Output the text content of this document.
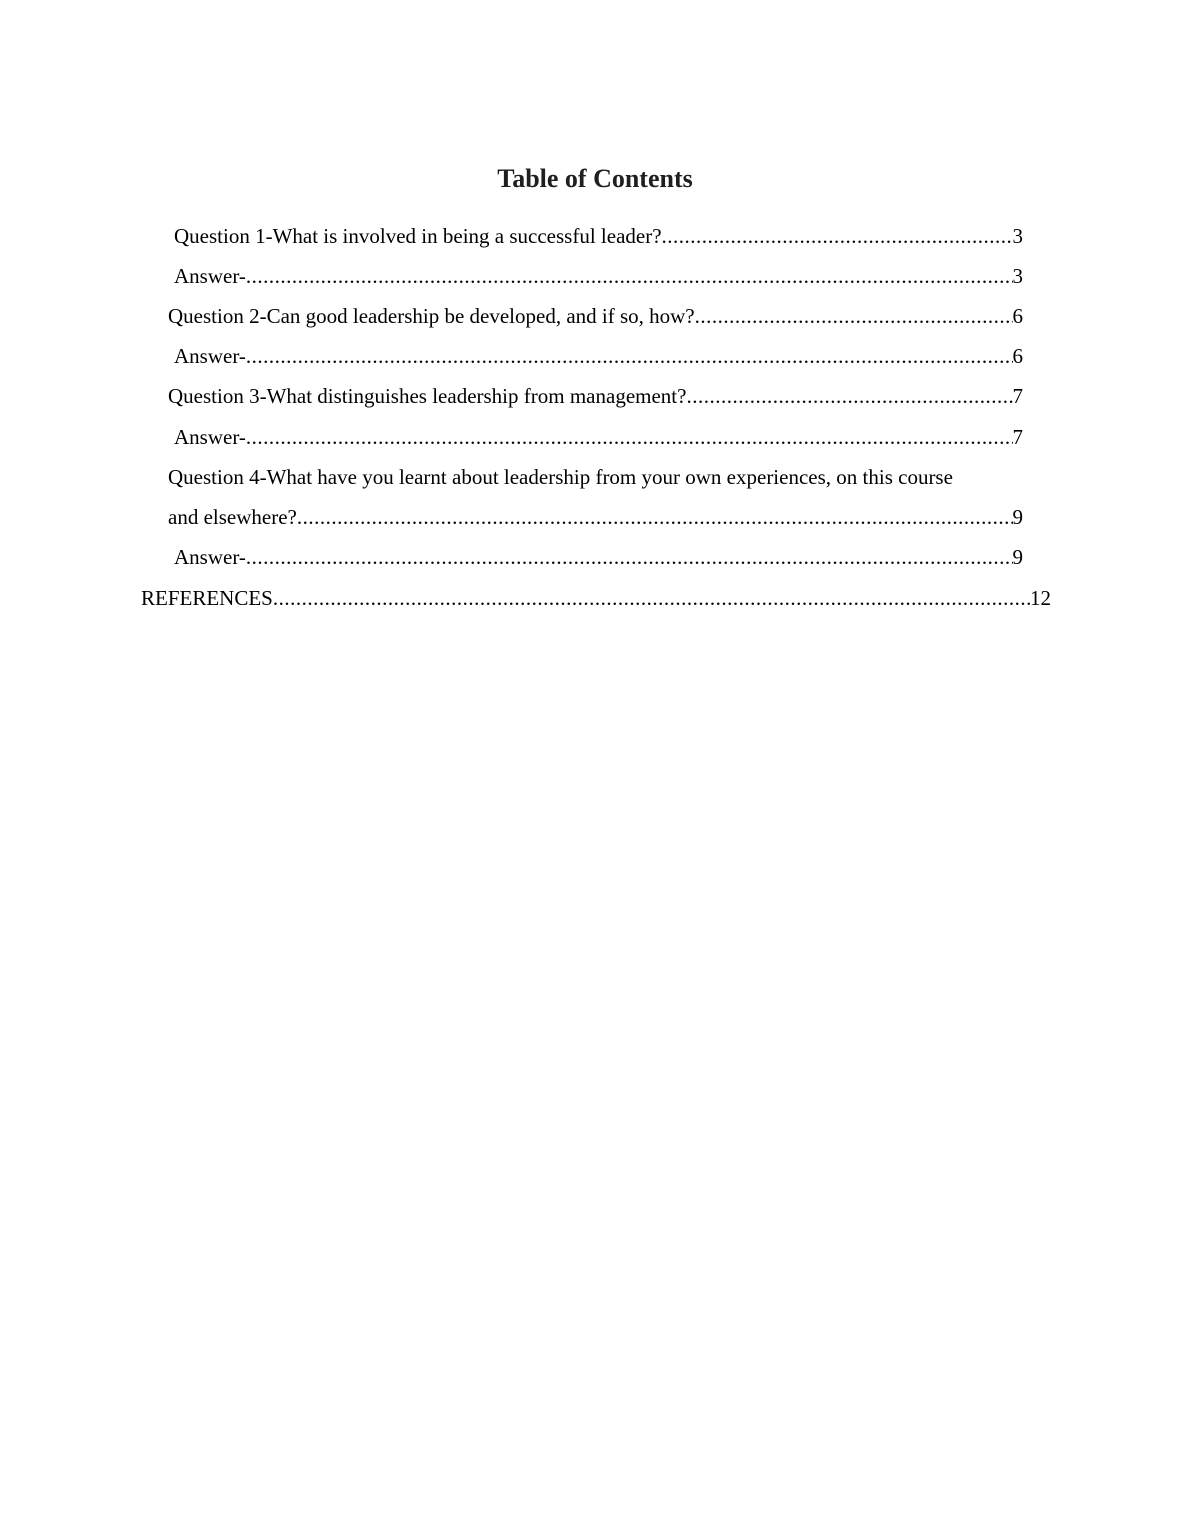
Table of Contents
Question 1-What is involved in being a successful leader? .....	3
Answer- .....	3
Question 2-Can good leadership be developed, and if so, how? .....	6
Answer- .....	6
Question 3-What distinguishes leadership from management? .....	7
Answer- .....	7
Question 4-What have you learnt about leadership from your own experiences, on this course
and elsewhere? .....	9
Answer- .....	9
REFERENCES .....	12
